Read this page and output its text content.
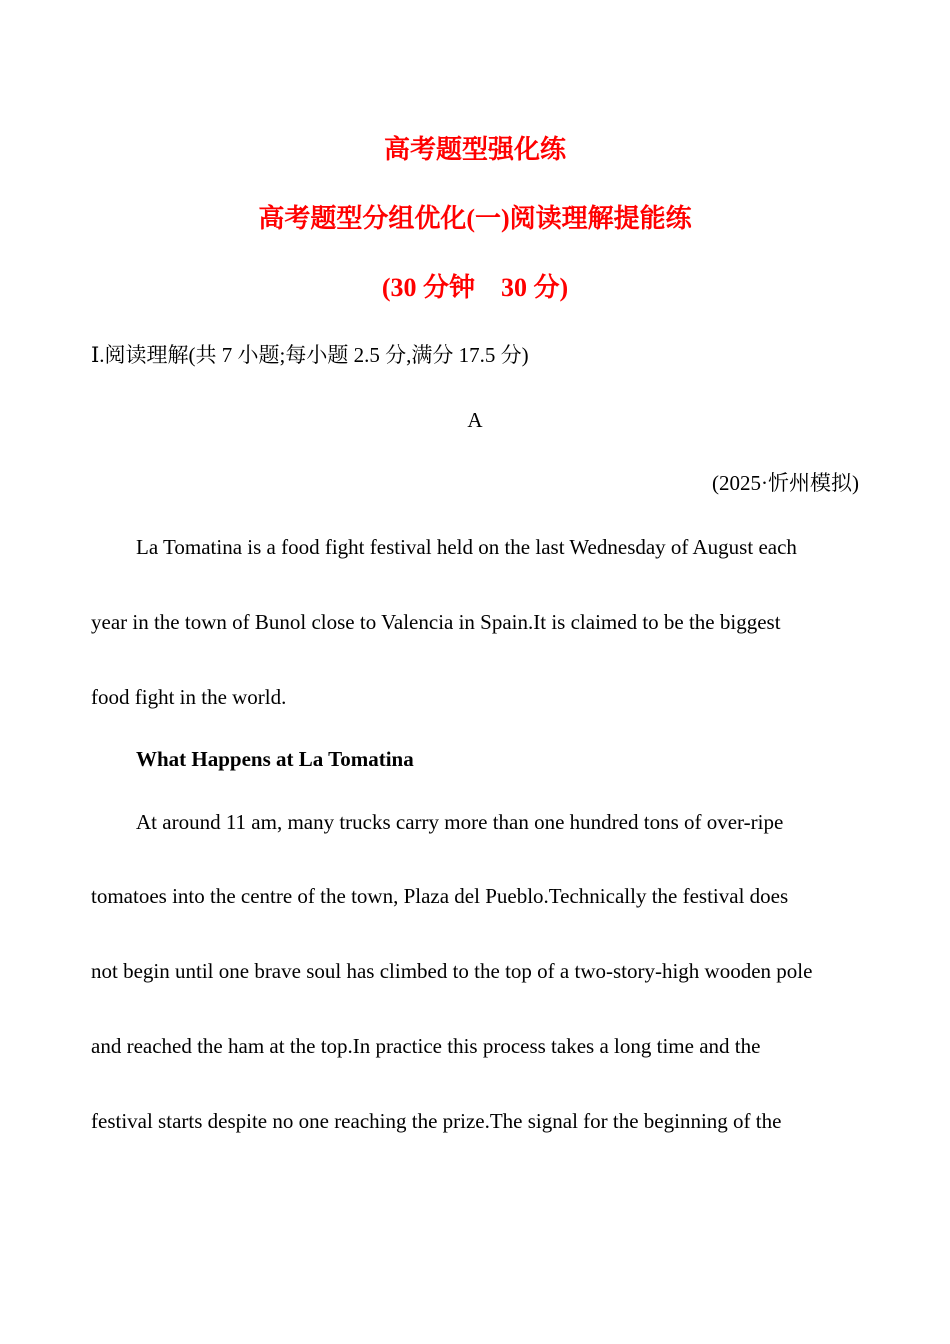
高考题型强化练
高考题型分组优化(一)阅读理解提能练
(30 分钟　30 分)
Ⅰ.阅读理解(共 7 小题;每小题 2.5 分,满分 17.5 分)
A
(2025·忻州模拟)
La Tomatina is a food fight festival held on the last Wednesday of August each
year in the town of Bunol close to Valencia in Spain.It is claimed to be the biggest
food fight in the world.
What Happens at La Tomatina
At around 11 am, many trucks carry more than one hundred tons of over-ripe
tomatoes into the centre of the town, Plaza del Pueblo.Technically the festival does
not begin until one brave soul has climbed to the top of a two-story-high wooden pole
and reached the ham at the top.In practice this process takes a long time and the
festival starts despite no one reaching the prize.The signal for the beginning of the
